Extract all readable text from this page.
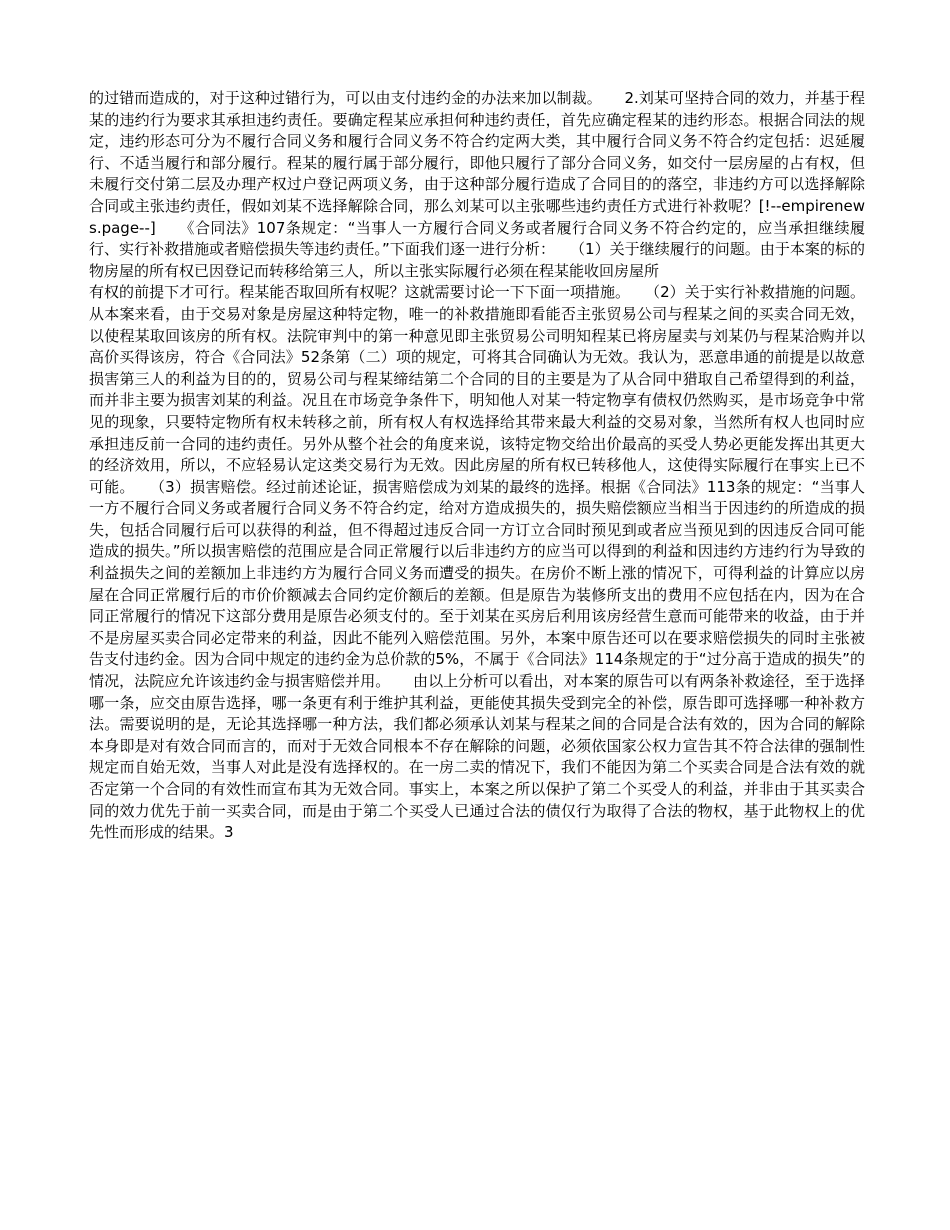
的过错而造成的，对于这种过错行为，可以由支付违约金的办法来加以制裁。　　2.刘某可坚持合同的效力，并基于程某的违约行为要求其承担违约责任。要确定程某应承担何种违约责任，首先应确定程某的违约形态。根据合同法的规定，违约形态可分为不履行合同义务和履行合同义务不符合约定两大类，其中履行合同义务不符合约定包括：迟延履行、不适当履行和部分履行。程某的履行属于部分履行，即他只履行了部分合同义务，如交付一层房屋的占有权，但未履行交付第二层及办理产权过户登记两项义务，由于这种部分履行造成了合同目的的落空，非违约方可以选择解除合同或主张违约责任，假如刘某不选择解除合同，那么刘某可以主张哪些违约责任方式进行补救呢？[!--empirenews.page--]　　《合同法》107条规定：“当事人一方履行合同义务或者履行合同义务不符合约定的，应当承担继续履行、实行补救措施或者赔偿损失等违约责任。”下面我们逐一进行分析：　　（1）关于继续履行的问题。由于本案的标的物房屋的所有权已因登记而转移给第三人，所以主张实际履行必须在程某能收回房屋所

有权的前提下才可行。程某能否取回所有权呢？这就需要讨论一下下面一项措施。　　（2）关于实行补救措施的问题。从本案来看，由于交易对象是房屋这种特定物，唯一的补救措施即看能否主张贸易公司与程某之间的买卖合同无效，以使程某取回该房的所有权。法院审判中的第一种意见即主张贸易公司明知程某已将房屋卖与刘某仍与程某洽购并以高价买得该房，符合《合同法》52条第（二）项的规定，可将其合同确认为无效。我认为，恶意串通的前提是以故意损害第三人的利益为目的的，贸易公司与程某缔结第二个合同的目的主要是为了从合同中猎取自己希望得到的利益，而并非主要为损害刘某的利益。况且在市场竞争条件下，明知他人对某一特定物享有债权仍然购买，是市场竞争中常见的现象，只要特定物所有权未转移之前，所有权人有权选择给其带来最大利益的交易对象，当然所有权人也同时应承担违反前一合同的违约责任。另外从整个社会的角度来说，该特定物交给出价最高的买受人势必更能发挥出其更大的经济效用，所以，不应轻易认定这类交易行为无效。因此房屋的所有权已转移他人，这使得实际履行在事实上已不可能。　　（3）损害赔偿。经过前述论证，损害赔偿成为刘某的最终的选择。根据《合同法》113条的规定：“当事人一方不履行合同义务或者履行合同义务不符合约定，给对方造成损失的，损失赔偿额应当相当于因违约的所造成的损失，包括合同履行后可以获得的利益，但不得超过违反合同一方订立合同时预见到或者应当预见到的因违反合同可能造成的损失。”所以损害赔偿的范围应是合同正常履行以后非违约方的应当可以得到的利益和因违约方违约行为导致的利益损失之间的差额加上非违约方为履行合同义务而遭受的损失。在房价不断上涨的情况下，可得利益的计算应以房屋在合同正常履行后的市价价额减去合同约定价额后的差额。但是原告为装修所支出的费用不应包括在内，因为在合同正常履行的情况下这部分费用是原告必须支付的。至于刘某在买房后利用该房经营生意而可能带来的收益，由于并不是房屋买卖合同必定带来的利益，因此不能列入赔偿范围。另外，本案中原告还可以在要求赔偿损失的同时主张被告支付违约金。因为合同中规定的违约金为总价款的5%，不属于《合同法》114条规定的于“过分高于造成的损失”的情况，法院应允许该违约金与损害赔偿并用。　　由以上分析可以看出，对本案的原告可以有两条补救途径，至于选择哪一条，应交由原告选择，哪一条更有利于维护其利益，更能使其损失受到完全的补偿，原告即可选择哪一种补救方法。需要说明的是，无论其选择哪一种方法，我们都必须承认刘某与程某之间的合同是合法有效的，因为合同的解除本身即是对有效合同而言的，而对于无效合同根本不存在解除的问题，必须依国家公权力宣告其不符合法律的强制性规定而自始无效，当事人对此是没有选择权的。在一房二卖的情况下，我们不能因为第二个买卖合同是合法有效的就否定第一个合同的有效性而宣布其为无效合同。事实上，本案之所以保护了第二个买受人的利益，并非由于其买卖合同的效力优先于前一买卖合同，而是由于第二个买受人已通过合法的债仅行为取得了合法的物权，基于此物权上的优先性而形成的结果。3
